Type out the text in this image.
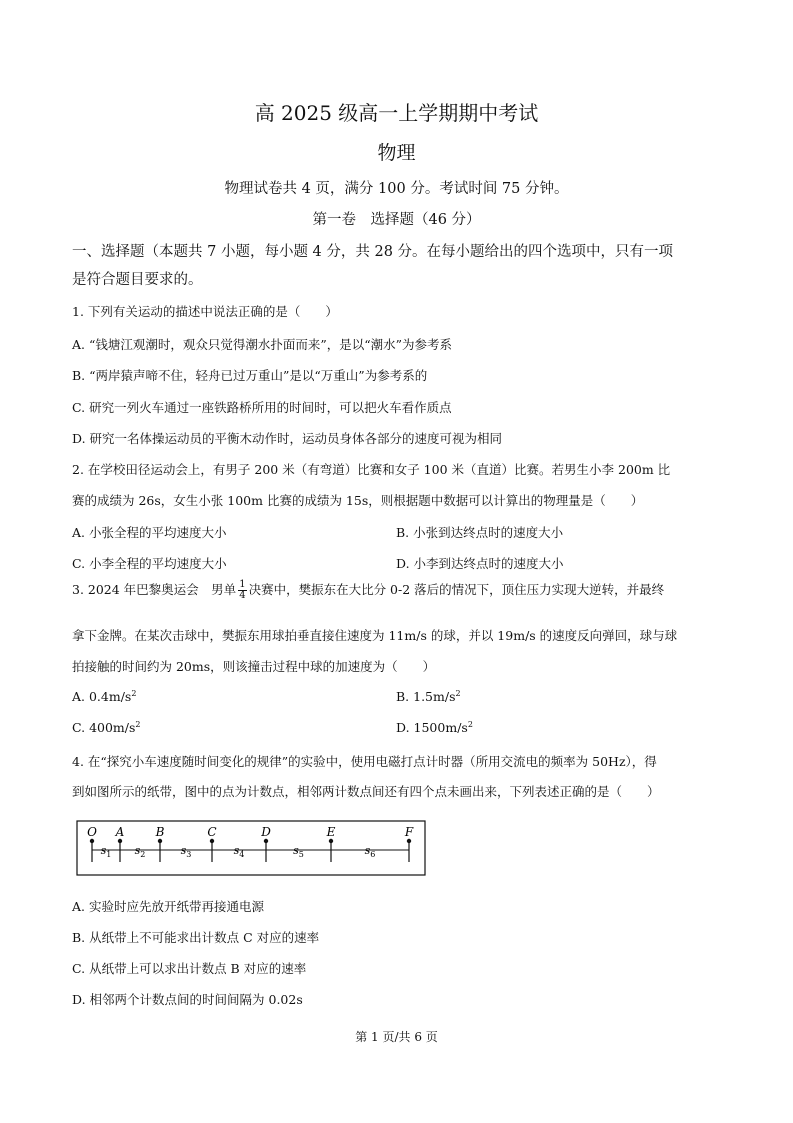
高 2025 级高一上学期期中考试
物理
物理试卷共 4 页，满分 100 分。考试时间 75 分钟。
第一卷　选择题（46 分）
一、选择题（本题共 7 小题，每小题 4 分，共 28 分。在每小题给出的四个选项中，只有一项
是符合题目要求的。
1. 下列有关运动的描述中说法正确的是（　　）
A. “钱塘江观潮时，观众只觉得潮水扑面而来”，是以“潮水”为参考系
B. “两岸猿声啼不住，轻舟已过万重山”是以“万重山”为参考系的
C. 研究一列火车通过一座铁路桥所用的时间时，可以把火车看作质点
D. 研究一名体操运动员的平衡木动作时，运动员身体各部分的速度可视为相同
2. 在学校田径运动会上，有男子 200 米（有弯道）比赛和女子 100 米（直道）比赛。若男生小李 200m 比
赛的成绩为 26s，女生小张 100m 比赛的成绩为 15s，则根据题中数据可以计算出的物理量是（　　）
A. 小张全程的平均速度大小	B. 小张到达终点时的速度大小
C. 小李全程的平均速度大小	D. 小李到达终点时的速度大小
3. 2024 年巴黎奥运会　男单 $\frac{1}{4}$ 决赛中，樊振东在大比分 0-2 落后的情况下，顶住压力实现大逆转，并最终
拿下金牌。在某次击球中，樊振东用球拍垂直接住速度为 11m/s 的球，并以 19m/s 的速度反向弹回，球与球
拍接触的时间约为 20ms，则该撞击过程中球的加速度为（　　）
A. $0.4m/s^2$	B. $1.5m/s^2$
C. $400m/s^2$	D. $1500m/s^2$
4. 在“探究小车速度随时间变化的规律”的实验中，使用电磁打点计时器（所用交流电的频率为 50Hz），得
到如图所示的纸带，图中的点为计数点，相邻两计数点间还有四个点未画出来，下列表述正确的是（　　）
O A	B	C	D	E	F
$s_1$ $s_2$	$s_3$	$s_4$	$s_5$	$s_6$
A. 实验时应先放开纸带再接通电源
B. 从纸带上不可能求出计数点 C 对应的速率
C. 从纸带上可以求出计数点 B 对应的速率
D. 相邻两个计数点间的时间间隔为 0.02s
第 1 页/共 6 页
